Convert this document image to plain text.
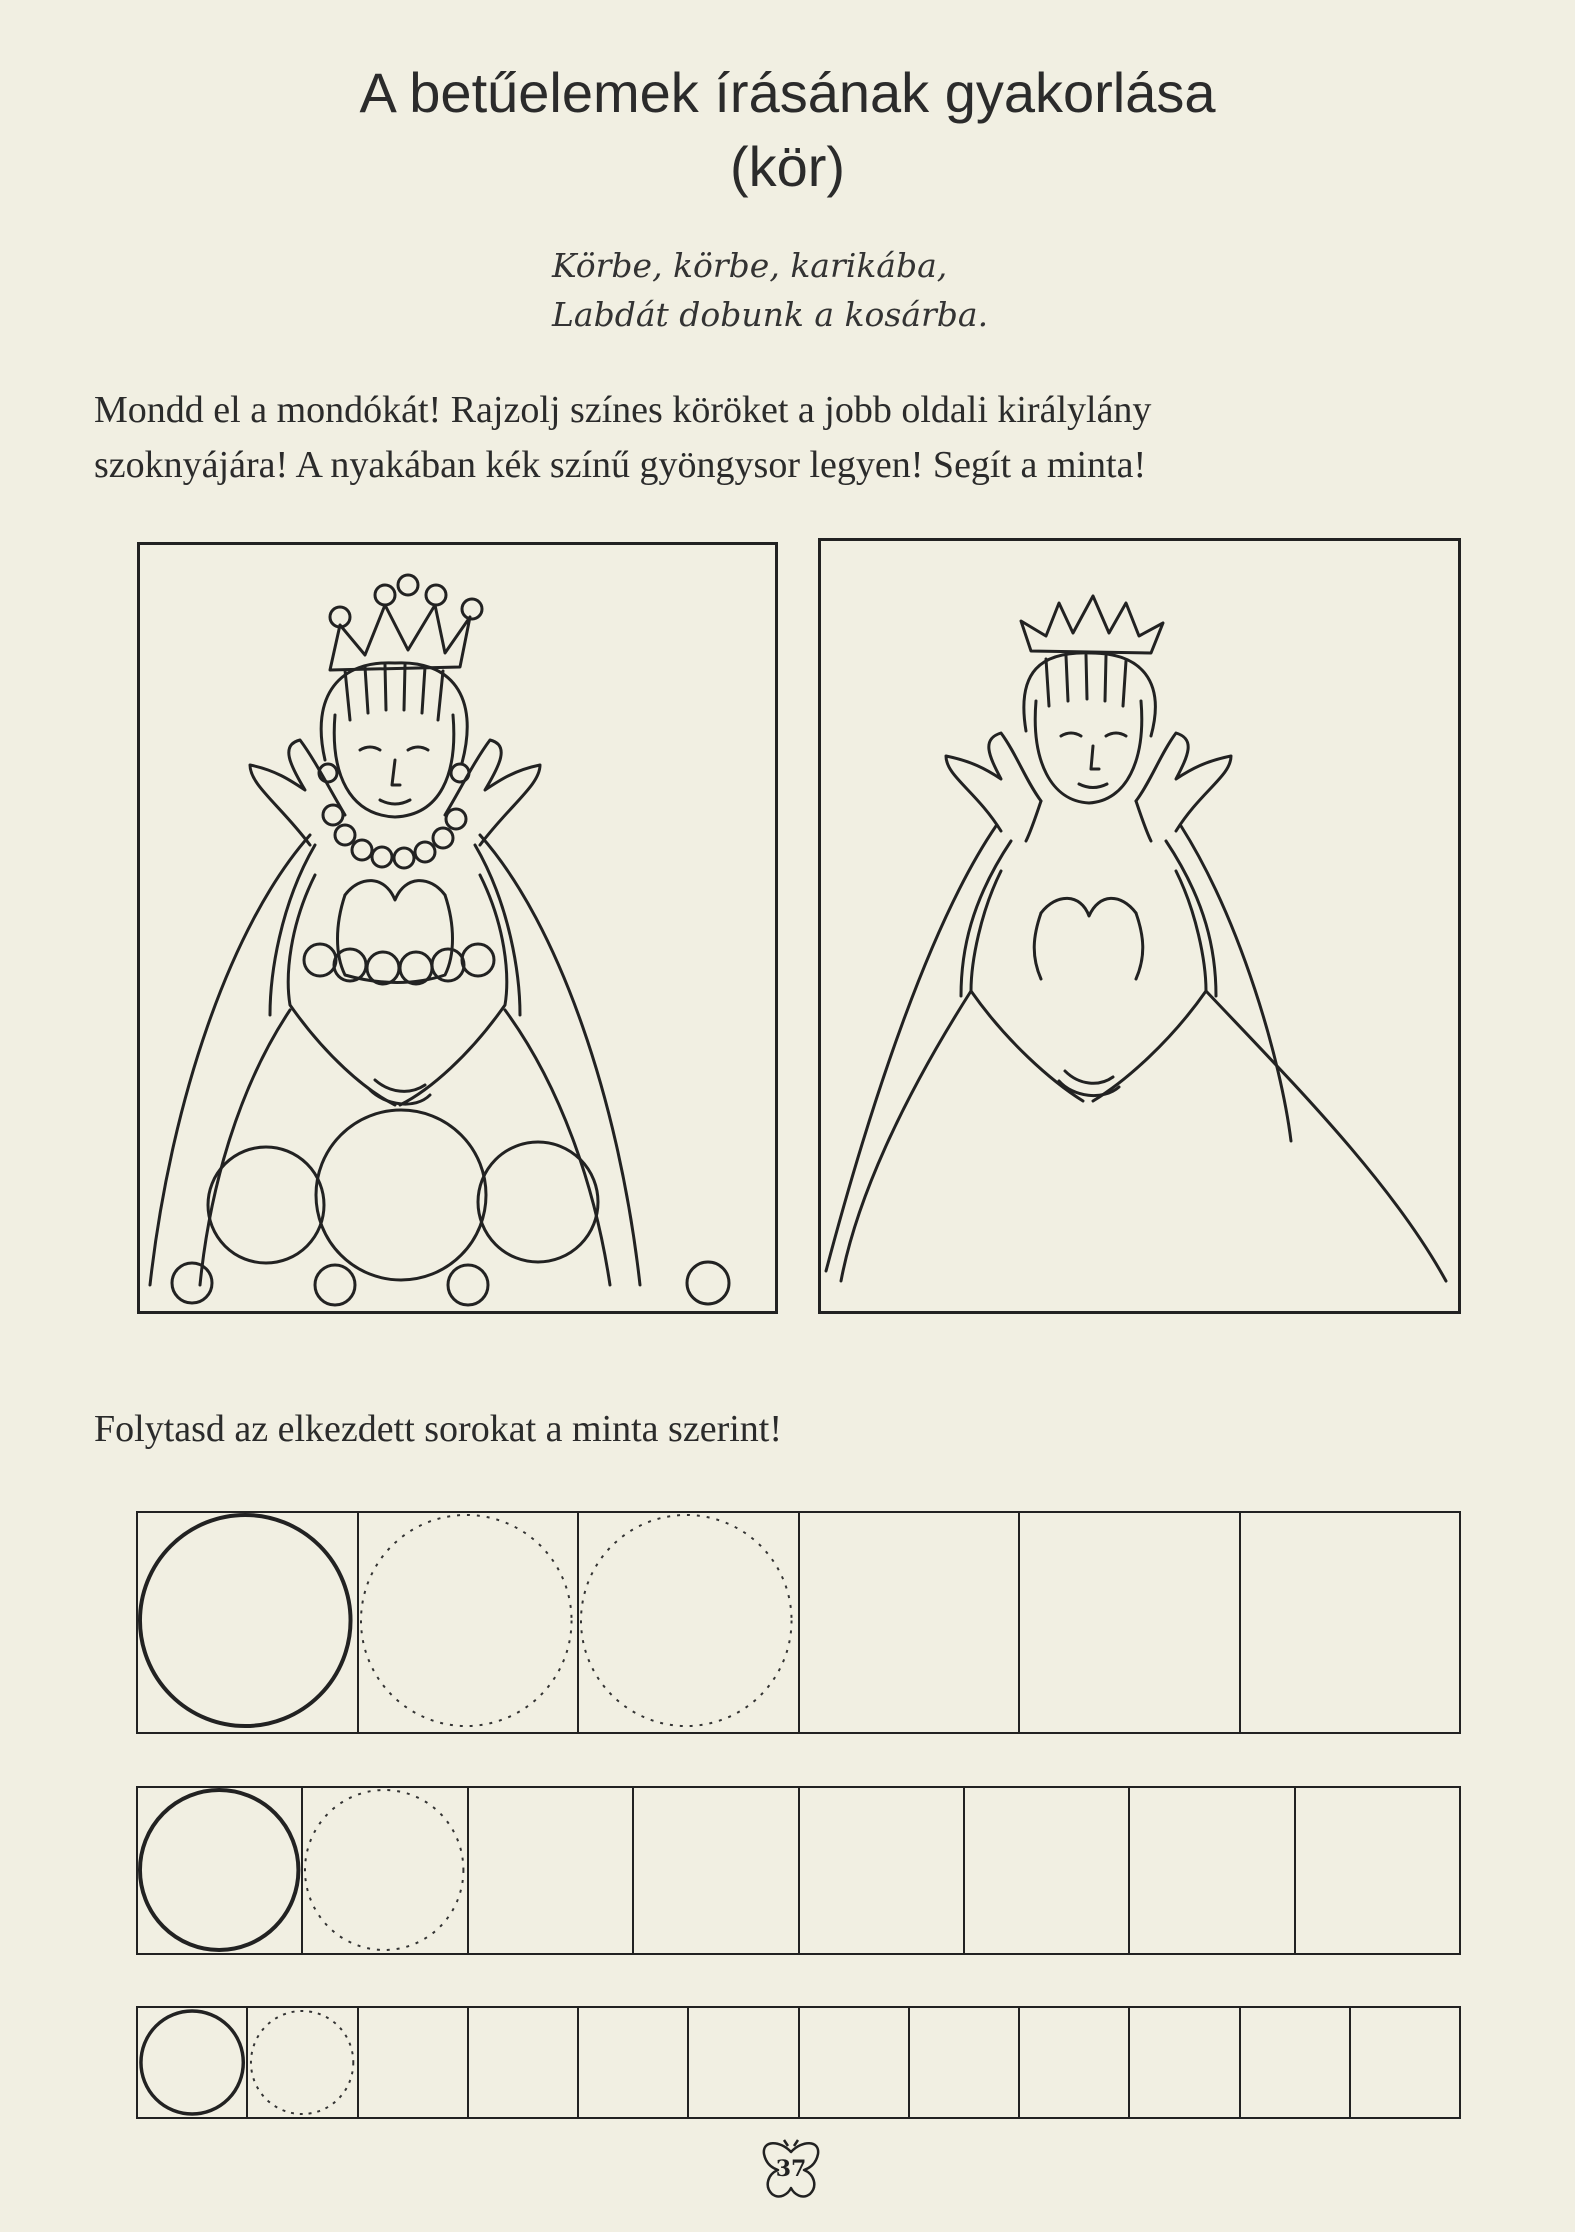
A betűelemek írásának gyakorlása
(kör)
Körbe, körbe, karikába,
Labdát dobunk a kosárba.
Mondd el a mondókát! Rajzolj színes köröket a jobb oldali királylány
szoknyájára! A nyakában kék színű gyöngysor legyen! Segít a minta!
Folytasd az elkezdett sorokat a minta szerint!
37
